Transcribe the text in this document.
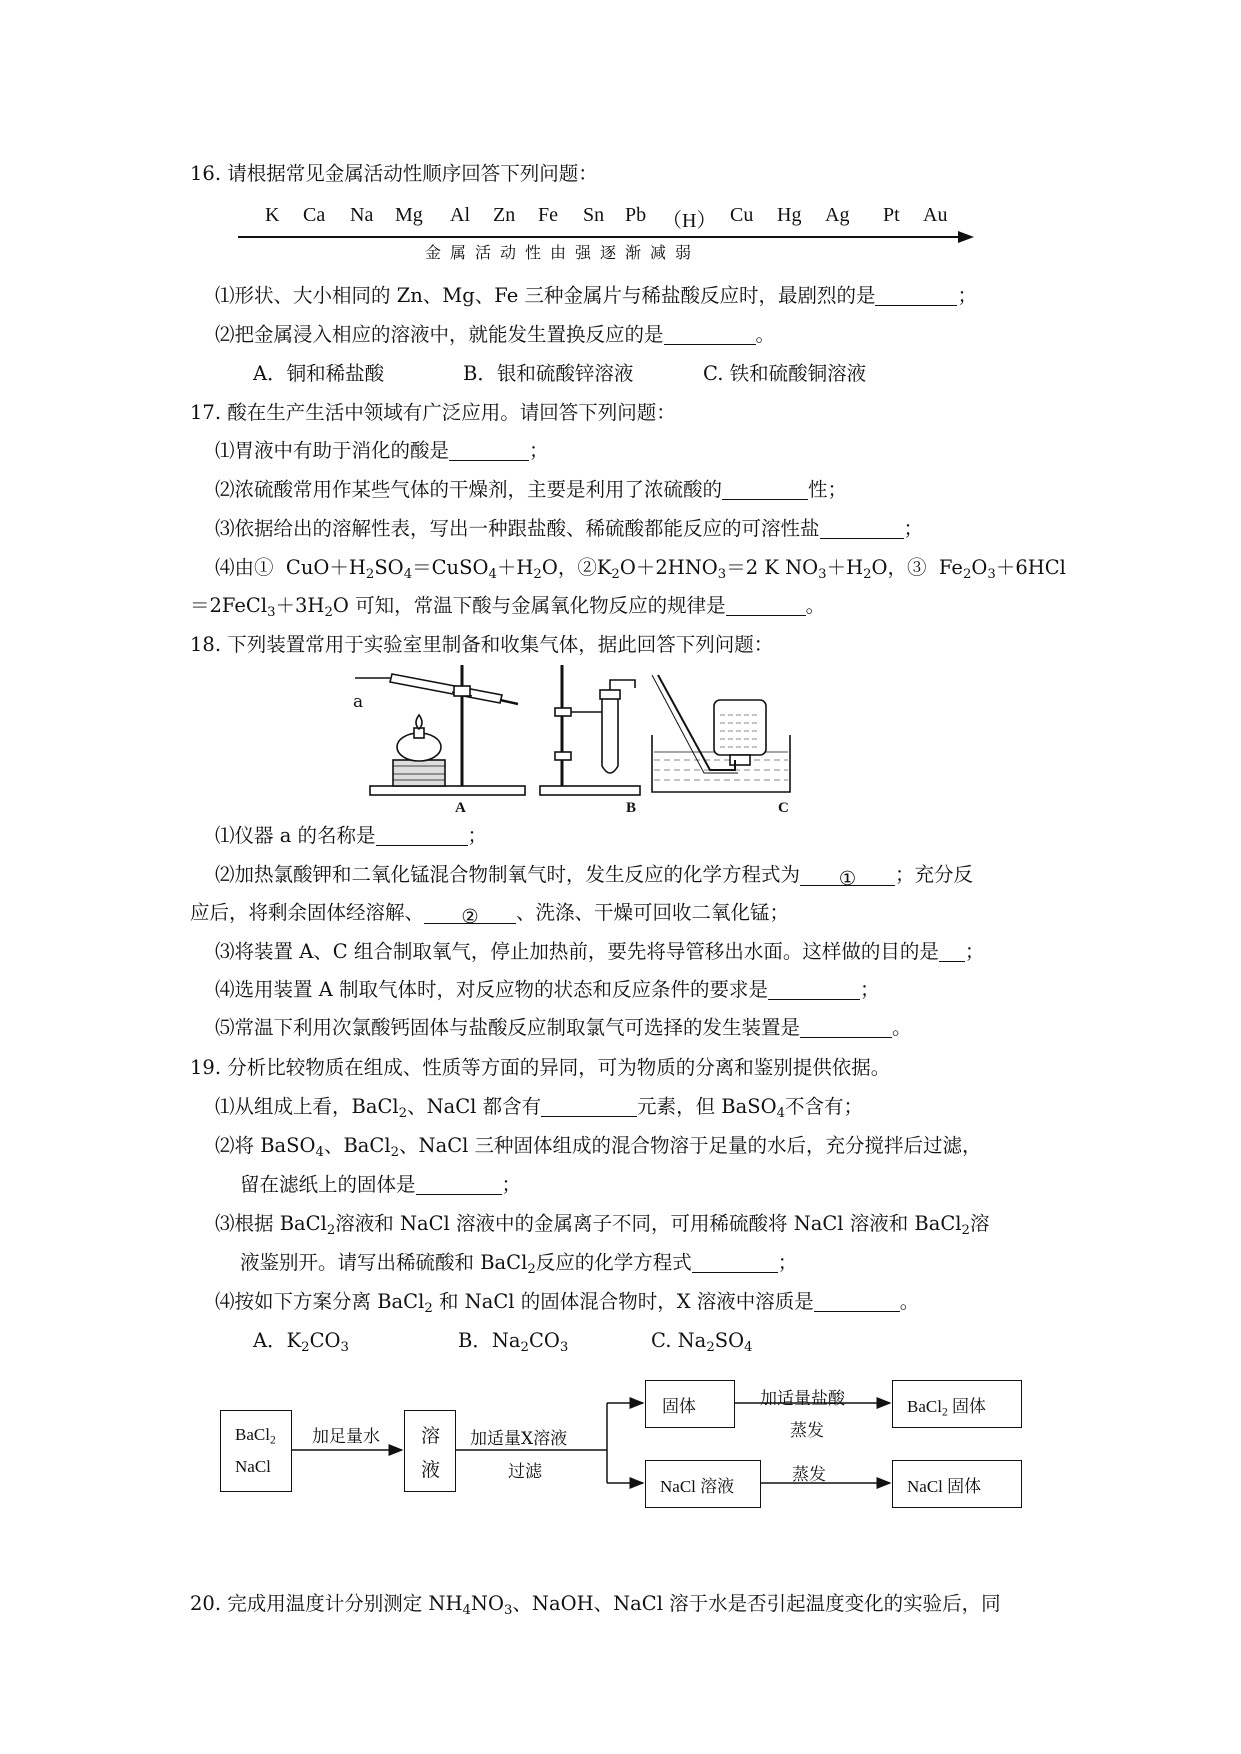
16. 请根据常见金属活动性顺序回答下列问题：
K Ca Na Mg Al Zn Fe Sn Pb （H） Cu Hg Ag Pt Au
金属活动性由强逐渐减弱
⑴形状、大小相同的 Zn、Mg、Fe 三种金属片与稀盐酸反应时，最剧烈的是	；
⑵把金属浸入相应的溶液中，就能发生置换反应的是	。
A．铜和稀盐酸	B．银和硫酸锌溶液	C. 铁和硫酸铜溶液
17. 酸在生产生活中领域有广泛应用。请回答下列问题：
⑴胃液中有助于消化的酸是	；
⑵浓硫酸常用作某些气体的干燥剂，主要是利用了浓硫酸的	性；
⑶依据给出的溶解性表，写出一种跟盐酸、稀硫酸都能反应的可溶性盐	；
⑷由①  $CuO+H_2SO_4=CuSO_4+H_2O$，$②K_2O+2HNO_3=2$ K $NO_3+H_2O$，③  $Fe_2O_3+6HCl$
$=2FeCl_3+3H_2O$ 可知，常温下酸与金属氧化物反应的规律是	。
18. 下列装置常用于实验室里制备和收集气体，据此回答下列问题：
a
A	B	C
⑴仪器 a 的名称是	；
⑵加热氯酸钾和二氧化锰混合物制氧气时，发生反应的化学方程式为 ① ；充分反
应后，将剩余固体经溶解、 ② 、洗涤、干燥可回收二氧化锰；
⑶将装置 A、C 组合制取氧气，停止加热前，要先将导管移出水面。这样做的目的是 ；
⑷选用装置 A 制取气体时，对反应物的状态和反应条件的要求是	；
⑸常温下利用次氯酸钙固体与盐酸反应制取氯气可选择的发生装置是	。
19. 分析比较物质在组成、性质等方面的异同，可为物质的分离和鉴别提供依据。
⑴从组成上看，BaCl$_2$、NaCl 都含有	元素，但 BaSO$_4$不含有；
⑵将 BaSO$_4$、BaCl$_2$、NaCl 三种固体组成的混合物溶于足量的水后，充分搅拌后过滤，
留在滤纸上的固体是	；
⑶根据 BaCl$_2$溶液和 NaCl 溶液中的金属离子不同，可用稀硫酸将 NaCl 溶液和 BaCl$_2$溶
液鉴别开。请写出稀硫酸和 BaCl$_2$反应的化学方程式	；
⑷按如下方案分离 BaCl$_2$ 和 NaCl 的固体混合物时，X 溶液中溶质是	。
A．$K_2CO_3$	B．$Na_2CO_3$	C. $Na_2SO_4$
BaCl$_2$
NaCl
加足量水 溶
液
加适量X溶液
过滤
固体	加适量盐酸
蒸发
BaCl$_2$ 固体
NaCl 溶液
蒸发
NaCl 固体
20. 完成用温度计分别测定 $NH_4NO_3$、NaOH、NaCl 溶于水是否引起温度变化的实验后，同
